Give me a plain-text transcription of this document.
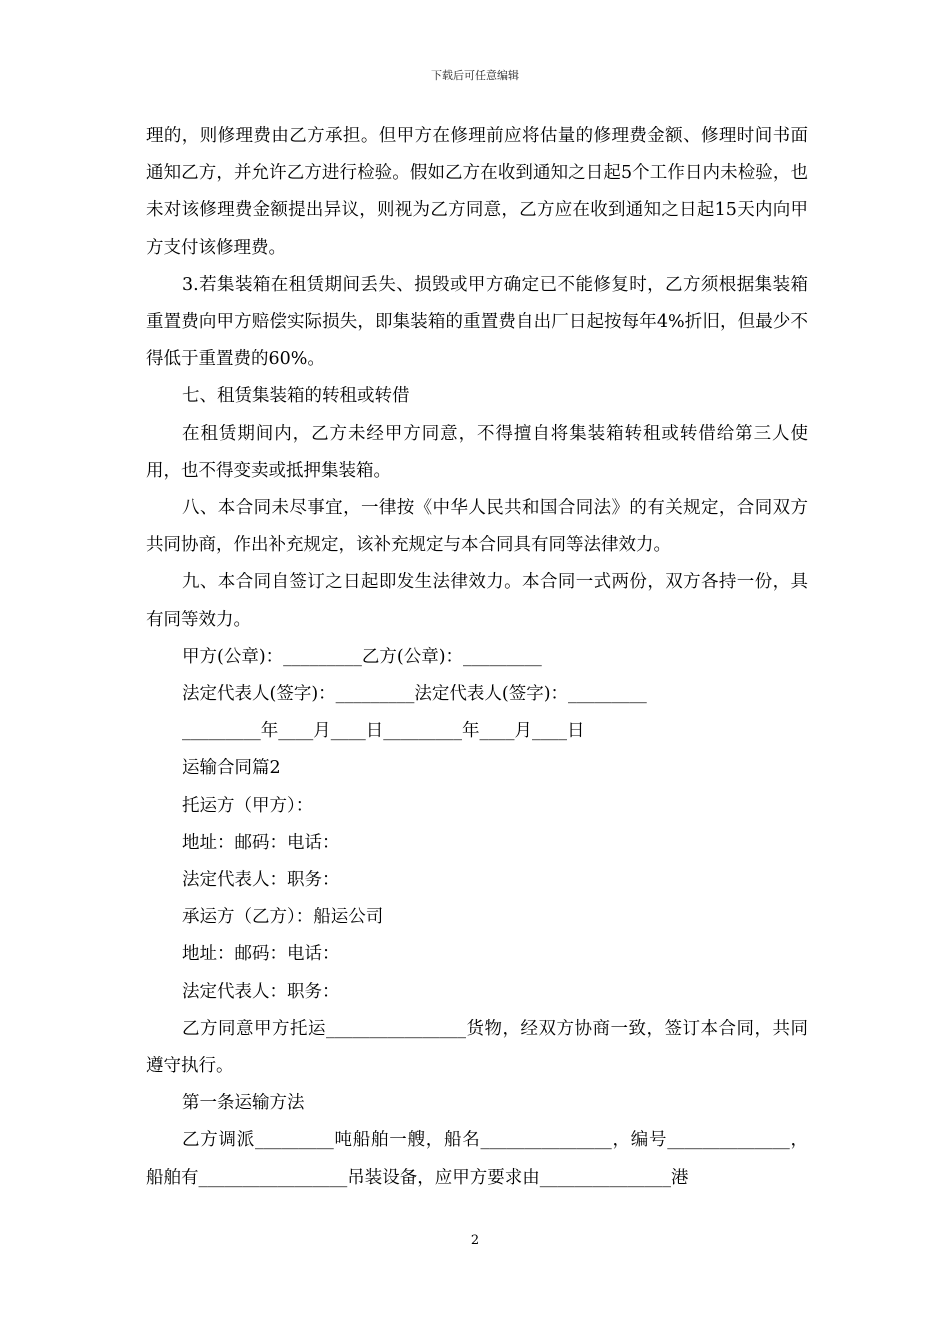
下载后可任意编辑

理的，则修理费由乙方承担。但甲方在修理前应将估量的修理费金额、修理时间书面通知乙方，并允许乙方进行检验。假如乙方在收到通知之日起5个工作日内未检验，也未对该修理费金额提出异议，则视为乙方同意，乙方应在收到通知之日起15天内向甲方支付该修理费。

3.若集装箱在租赁期间丢失、损毁或甲方确定已不能修复时，乙方须根据集装箱重置费向甲方赔偿实际损失，即集装箱的重置费自出厂日起按每年4%折旧，但最少不得低于重置费的60%。

七、租赁集装箱的转租或转借

在租赁期间内，乙方未经甲方同意，不得擅自将集装箱转租或转借给第三人使用，也不得变卖或抵押集装箱。

八、本合同未尽事宜，一律按《中华人民共和国合同法》的有关规定，合同双方共同协商，作出补充规定，该补充规定与本合同具有同等法律效力。

九、本合同自签订之日起即发生法律效力。本合同一式两份，双方各持一份，具有同等效力。

甲方(公章)：_________乙方(公章)：_________

法定代表人(签字)：_________法定代表人(签字)：_________

_________年____月____日_________年____月____日

运输合同篇2

托运方（甲方）：

地址：邮码：电话：

法定代表人：职务：

承运方（乙方）：船运公司

地址：邮码：电话：

法定代表人：职务：

乙方同意甲方托运________________货物，经双方协商一致，签订本合同，共同遵守执行。

第一条运输方法

乙方调派_________吨船舶一艘，船名_______________，编号______________，船舶有_________________吊装设备，应甲方要求由_______________港

2
